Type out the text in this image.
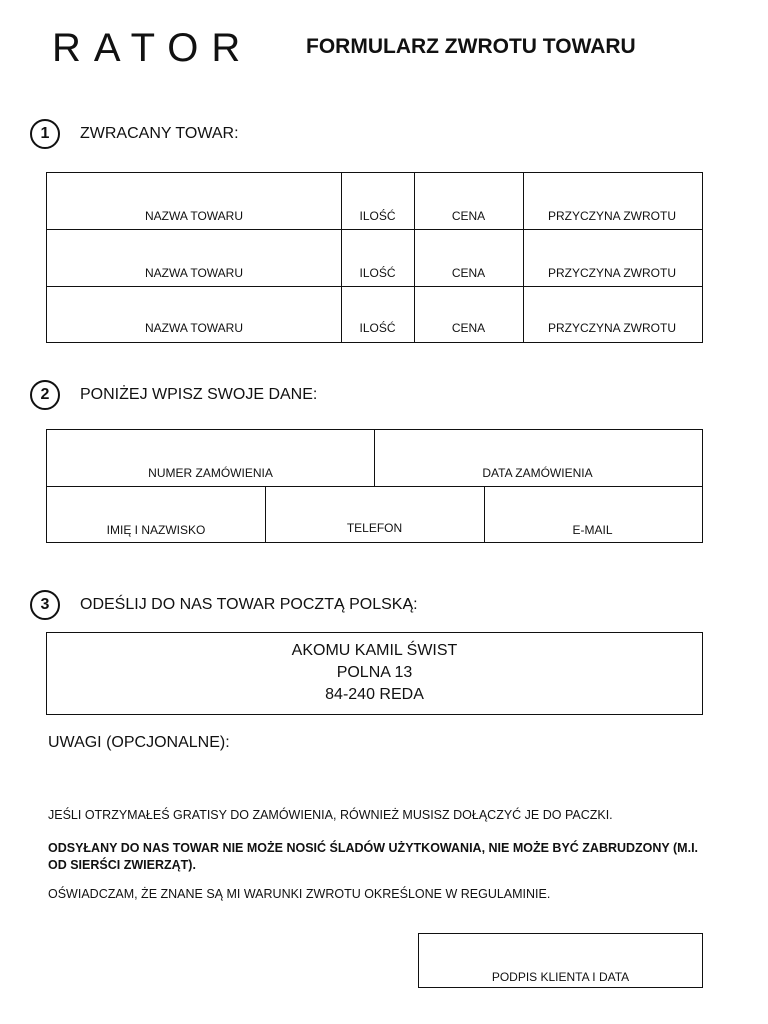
RATOR	FORMULARZ ZWROTU TOWARU
1	ZWRACANY TOWAR:
NAZWA TOWARU	ILOŚĆ	CENA	PRZYCZYNA ZWROTU
NAZWA TOWARU	ILOŚĆ	CENA	PRZYCZYNA ZWROTU
NAZWA TOWARU	ILOŚĆ	CENA	PRZYCZYNA ZWROTU
2	PONIŻEJ WPISZ SWOJE DANE:
NUMER ZAMÓWIENIA	DATA ZAMÓWIENIA
IMIĘ I NAZWISKO	TELEFON	E-MAIL
3	ODEŚLIJ DO NAS TOWAR POCZTĄ POLSKĄ:
AKOMU KAMIL ŚWIST
POLNA 13
84-240 REDA
UWAGI (OPCJONALNE):
JEŚLI OTRZYMAŁEŚ GRATISY DO ZAMÓWIENIA, RÓWNIEŻ MUSISZ DOŁĄCZYĆ JE DO PACZKI.
ODSYŁANY DO NAS TOWAR NIE MOŻE NOSIĆ ŚLADÓW UŻYTKOWANIA, NIE MOŻE BYĆ ZABRUDZONY (M.I. OD SIERŚCI ZWIERZĄT).
OŚWIADCZAM, ŻE ZNANE SĄ MI WARUNKI ZWROTU OKREŚLONE W REGULAMINIE.
PODPIS KLIENTA I DATA
